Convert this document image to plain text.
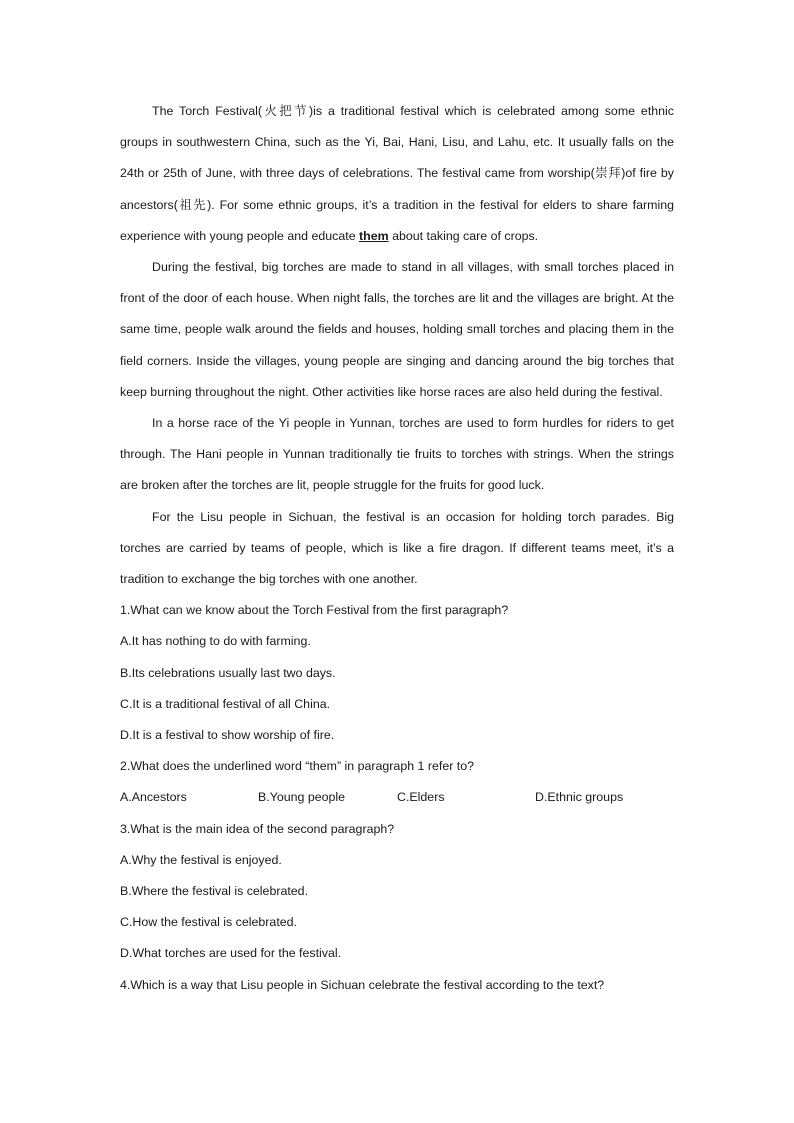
The Torch Festival(火把节)is a traditional festival which is celebrated among some ethnic groups in southwestern China, such as the Yi, Bai, Hani, Lisu, and Lahu, etc. It usually falls on the 24th or 25th of June, with three days of celebrations. The festival came from worship(崇拜)of fire by ancestors(祖先). For some ethnic groups, it’s a tradition in the festival for elders to share farming experience with young people and educate them about taking care of crops.

During the festival, big torches are made to stand in all villages, with small torches placed in front of the door of each house. When night falls, the torches are lit and the villages are bright. At the same time, people walk around the fields and houses, holding small torches and placing them in the field corners. Inside the villages, young people are singing and dancing around the big torches that keep burning throughout the night. Other activities like horse races are also held during the festival.

In a horse race of the Yi people in Yunnan, torches are used to form hurdles for riders to get through. The Hani people in Yunnan traditionally tie fruits to torches with strings. When the strings are broken after the torches are lit, people struggle for the fruits for good luck.

For the Lisu people in Sichuan, the festival is an occasion for holding torch parades. Big torches are carried by teams of people, which is like a fire dragon. If different teams meet, it’s a tradition to exchange the big torches with one another.

1.What can we know about the Torch Festival from the first paragraph?

A.It has nothing to do with farming.

B.Its celebrations usually last two days.

C.It is a traditional festival of all China.

D.It is a festival to show worship of fire.

2.What does the underlined word “them” in paragraph 1 refer to?

A.Ancestors	B.Young people	C.Elders	D.Ethnic groups

3.What is the main idea of the second paragraph?

A.Why the festival is enjoyed.

B.Where the festival is celebrated.

C.How the festival is celebrated.

D.What torches are used for the festival.

4.Which is a way that Lisu people in Sichuan celebrate the festival according to the text?
